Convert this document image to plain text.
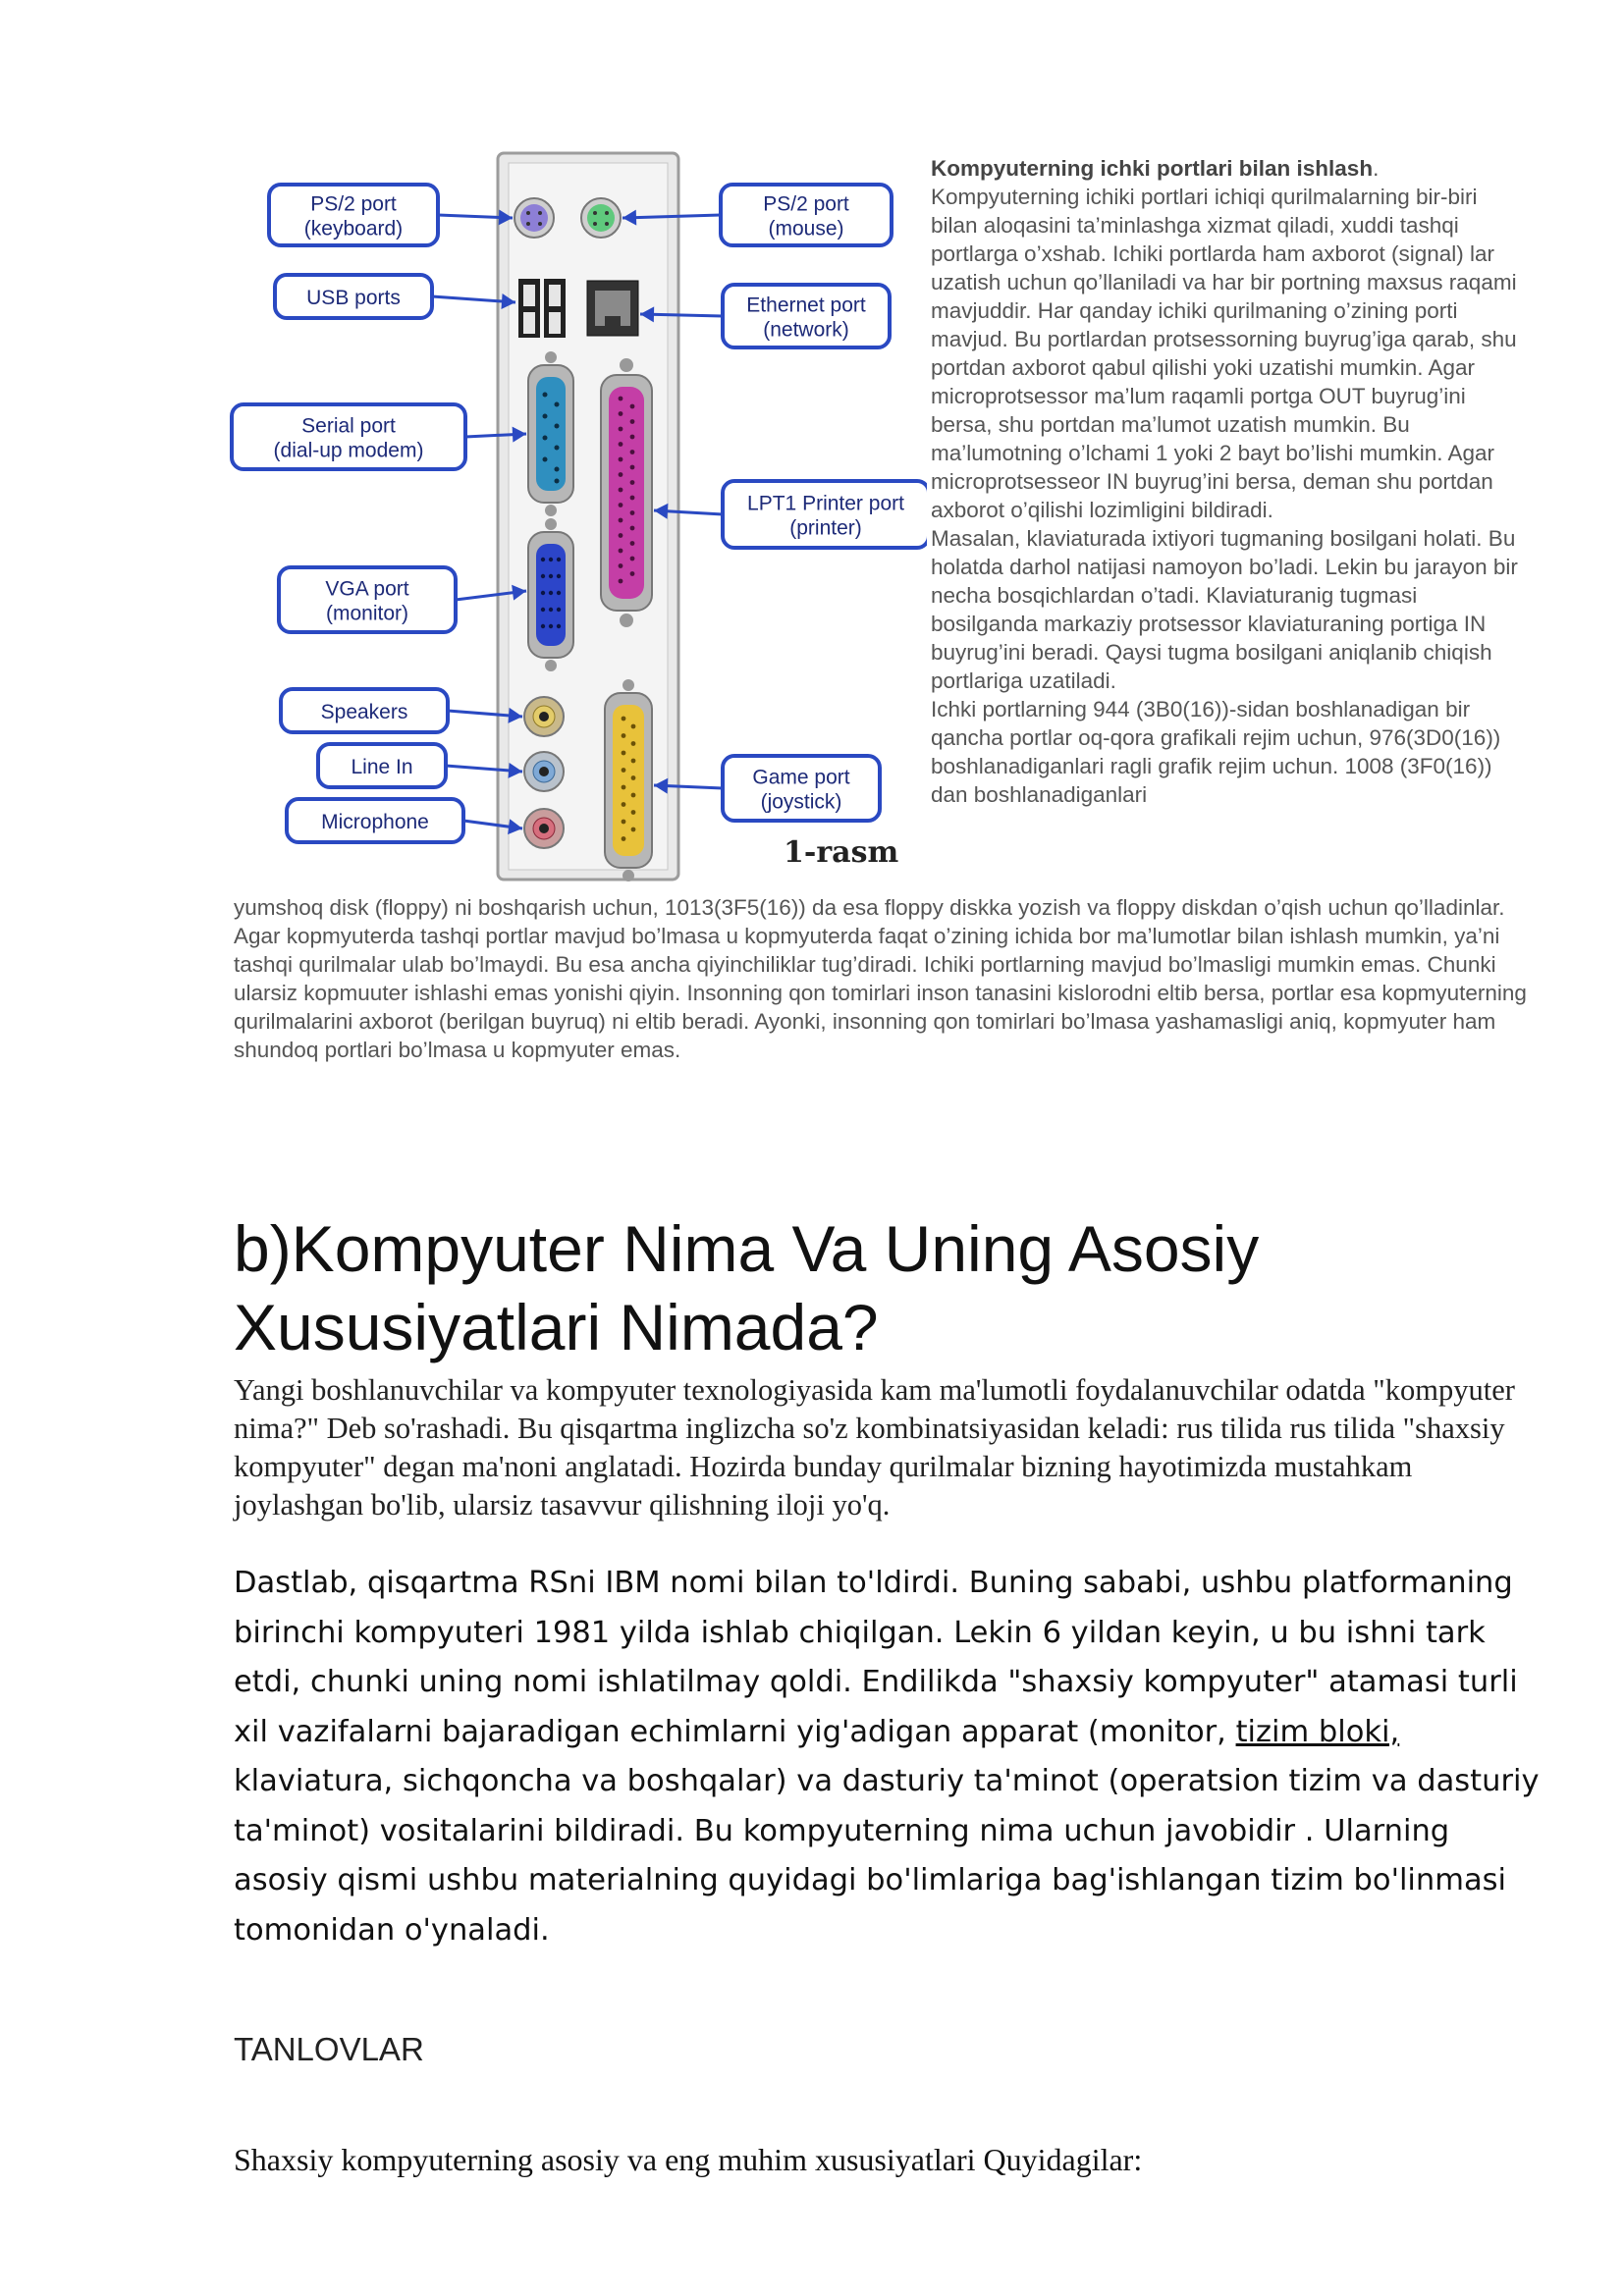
PS/2 port
(keyboard)
USB ports
Serial port
(dial-up modem)
VGA port
(monitor)
Speakers
Line In
Microphone
PS/2 port
(mouse)
Ethernet port
(network)
LPT1 Printer port
(printer)
Game port
(joystick)
1-rasm

Kompyuterning ichki portlari bilan ishlash. Kompyuterning ichiki portlari ichiqi qurilmalarning bir-biri bilan aloqasini ta’minlashga xizmat qiladi, xuddi tashqi portlarga o’xshab. Ichiki portlarda ham axborot (signal) lar uzatish uchun qo’llaniladi va har bir portning maxsus raqami mavjuddir. Har qanday ichiki qurilmaning o’zining porti mavjud. Bu portlardan protsessorning buyrug’iga qarab, shu portdan axborot qabul qilishi yoki uzatishi mumkin. Agar microprotsessor ma’lum raqamli portga OUT buyrug’ini bersa, shu portdan ma’lumot uzatish mumkin. Bu ma’lumotning o’lchami 1 yoki 2 bayt bo’lishi mumkin. Agar microprotsesseor IN buyrug’ini bersa, deman shu portdan axborot o’qilishi lozimligini bildiradi.

Masalan, klaviaturada ixtiyori tugmaning bosilgani holati. Bu holatda darhol natijasi namoyon bo’ladi. Lekin bu jarayon bir necha bosqichlardan o’tadi. Klaviaturanig tugmasi bosilganda markaziy protsessor klaviaturaning portiga IN buyrug’ini beradi. Qaysi tugma bosilgani aniqlanib chiqish portlariga uzatiladi.

Ichki portlarning 944 (3B0(16))-sidan boshlanadigan bir qancha portlar oq-qora grafikali rejim uchun, 976(3D0(16)) boshlanadiganlari ragli grafik rejim uchun. 1008 (3F0(16)) dan boshlanadiganlari

yumshoq disk (floppy) ni boshqarish uchun, 1013(3F5(16)) da esa floppy diskka yozish va floppy diskdan o’qish uchun qo’lladinlar.

Agar kopmyuterda tashqi portlar mavjud bo’lmasa u kopmyuterda faqat o’zining ichida bor ma’lumotlar bilan ishlash mumkin, ya’ni tashqi qurilmalar ulab bo’lmaydi. Bu esa ancha qiyinchiliklar tug’diradi. Ichiki portlarning mavjud bo’lmasligi mumkin emas. Chunki ularsiz kopmuuter ishlashi emas yonishi qiyin. Insonning qon tomirlari inson tanasini kislorodni eltib bersa, portlar esa kopmyuterning qurilmalarini axborot (berilgan buyruq) ni eltib beradi. Ayonki, insonning qon tomirlari bo’lmasa yashamasligi aniq, kopmyuter ham shundoq portlari bo’lmasa u kopmyuter emas.

b)Kompyuter Nima Va Uning Asosiy
Xususiyatlari Nimada?

Yangi boshlanuvchilar va kompyuter texnologiyasida kam ma'lumotli foydalanuvchilar odatda "kompyuter nima?" Deb so'rashadi. Bu qisqartma inglizcha so'z kombinatsiyasidan keladi: rus tilida rus tilida "shaxsiy kompyuter" degan ma'noni anglatadi. Hozirda bunday qurilmalar bizning hayotimizda mustahkam joylashgan bo'lib, ularsiz tasavvur qilishning iloji yo'q.

Dastlab, qisqartma RSni IBM nomi bilan to'ldirdi. Buning sababi, ushbu platformaning birinchi kompyuteri 1981 yilda ishlab chiqilgan. Lekin 6 yildan keyin, u bu ishni tark etdi, chunki uning nomi ishlatilmay qoldi. Endilikda "shaxsiy kompyuter" atamasi turli xil vazifalarni bajaradigan echimlarni yig'adigan apparat (monitor, tizim bloki, klaviatura, sichqoncha va boshqalar) va dasturiy ta'minot (operatsion tizim va dasturiy ta'minot) vositalarini bildiradi. Bu kompyuterning nima uchun javobidir . Ularning asosiy qismi ushbu materialning quyidagi bo'limlariga bag'ishlangan tizim bo'linmasi tomonidan o'ynaladi.

TANLOVLAR

Shaxsiy kompyuterning asosiy va eng muhim xususiyatlari Quyidagilar:
